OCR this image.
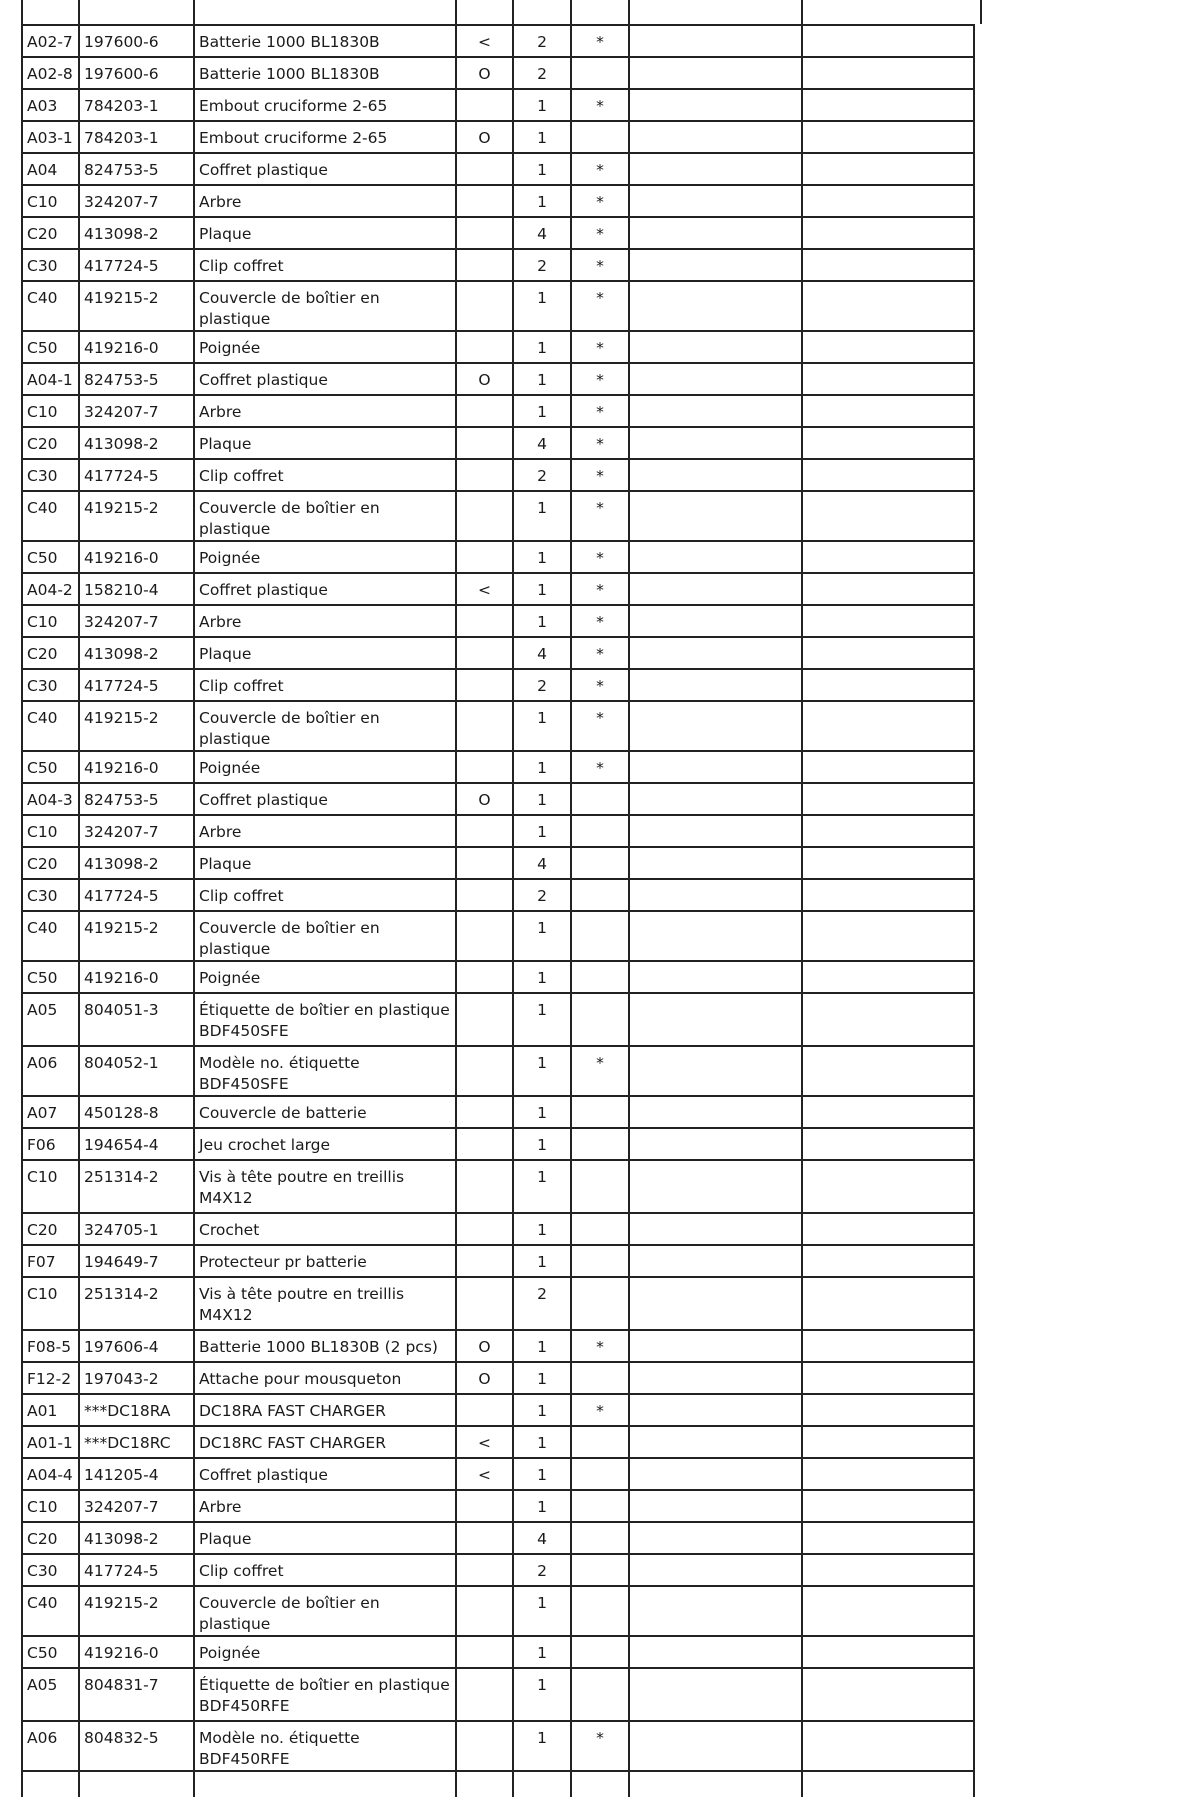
A02-7	197600-6	Batterie 1000 BL1830B	<	2	*		
A02-8	197600-6	Batterie 1000 BL1830B	O	2			
A03	784203-1	Embout cruciforme 2-65		1	*		
A03-1	784203-1	Embout cruciforme 2-65	O	1			
A04	824753-5	Coffret plastique		1	*		
C10	324207-7	Arbre		1	*		
C20	413098-2	Plaque		4	*		
C30	417724-5	Clip coffret		2	*		
C40	419215-2	Couvercle de boîtier en plastique		1	*		
C50	419216-0	Poignée		1	*		
A04-1	824753-5	Coffret plastique	O	1	*		
C10	324207-7	Arbre		1	*		
C20	413098-2	Plaque		4	*		
C30	417724-5	Clip coffret		2	*		
C40	419215-2	Couvercle de boîtier en plastique		1	*		
C50	419216-0	Poignée		1	*		
A04-2	158210-4	Coffret plastique	<	1	*		
C10	324207-7	Arbre		1	*		
C20	413098-2	Plaque		4	*		
C30	417724-5	Clip coffret		2	*		
C40	419215-2	Couvercle de boîtier en plastique		1	*		
C50	419216-0	Poignée		1	*		
A04-3	824753-5	Coffret plastique	O	1			
C10	324207-7	Arbre		1			
C20	413098-2	Plaque		4			
C30	417724-5	Clip coffret		2			
C40	419215-2	Couvercle de boîtier en plastique		1			
C50	419216-0	Poignée		1			
A05	804051-3	Étiquette de boîtier en plastique BDF450SFE		1			
A06	804052-1	Modèle no. étiquette BDF450SFE		1	*		
A07	450128-8	Couvercle de batterie		1			
F06	194654-4	Jeu crochet large		1			
C10	251314-2	Vis à tête poutre en treillis M4X12		1			
C20	324705-1	Crochet		1			
F07	194649-7	Protecteur pr batterie		1			
C10	251314-2	Vis à tête poutre en treillis M4X12		2			
F08-5	197606-4	Batterie 1000 BL1830B (2 pcs)	O	1	*		
F12-2	197043-2	Attache pour mousqueton	O	1			
A01	***DC18RA	DC18RA FAST CHARGER		1	*		
A01-1	***DC18RC	DC18RC FAST CHARGER	<	1			
A04-4	141205-4	Coffret plastique	<	1			
C10	324207-7	Arbre		1			
C20	413098-2	Plaque		4			
C30	417724-5	Clip coffret		2			
C40	419215-2	Couvercle de boîtier en plastique		1			
C50	419216-0	Poignée		1			
A05	804831-7	Étiquette de boîtier en plastique BDF450RFE		1			
A06	804832-5	Modèle no. étiquette BDF450RFE		1	*		
